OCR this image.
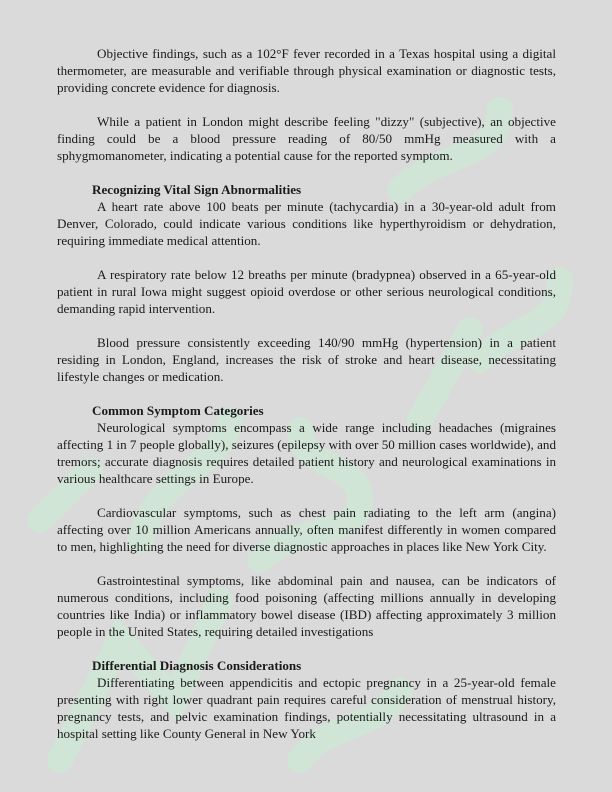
Objective findings, such as a 102°F fever recorded in a Texas hospital using a digital thermometer, are measurable and verifiable through physical examination or diagnostic tests, providing concrete evidence for diagnosis.

While a patient in London might describe feeling "dizzy" (subjective), an objective finding could be a blood pressure reading of 80/50 mmHg measured with a sphygmomanometer, indicating a potential cause for the reported symptom.

Recognizing Vital Sign Abnormalities

A heart rate above 100 beats per minute (tachycardia) in a 30-year-old adult from Denver, Colorado, could indicate various conditions like hyperthyroidism or dehydration, requiring immediate medical attention.

A respiratory rate below 12 breaths per minute (bradypnea) observed in a 65-year-old patient in rural Iowa might suggest opioid overdose or other serious neurological conditions, demanding rapid intervention.

Blood pressure consistently exceeding 140/90 mmHg (hypertension) in a patient residing in London, England, increases the risk of stroke and heart disease, necessitating lifestyle changes or medication.

Common Symptom Categories

Neurological symptoms encompass a wide range including headaches (migraines affecting 1 in 7 people globally), seizures (epilepsy with over 50 million cases worldwide), and tremors; accurate diagnosis requires detailed patient history and neurological examinations in various healthcare settings in Europe.

Cardiovascular symptoms, such as chest pain radiating to the left arm (angina) affecting over 10 million Americans annually, often manifest differently in women compared to men, highlighting the need for diverse diagnostic approaches in places like New York City.

Gastrointestinal symptoms, like abdominal pain and nausea, can be indicators of numerous conditions, including food poisoning (affecting millions annually in developing countries like India) or inflammatory bowel disease (IBD) affecting approximately 3 million people in the United States, requiring detailed investigations

Differential Diagnosis Considerations

Differentiating between appendicitis and ectopic pregnancy in a 25-year-old female presenting with right lower quadrant pain requires careful consideration of menstrual history, pregnancy tests, and pelvic examination findings, potentially necessitating ultrasound in a hospital setting like County General in New York
